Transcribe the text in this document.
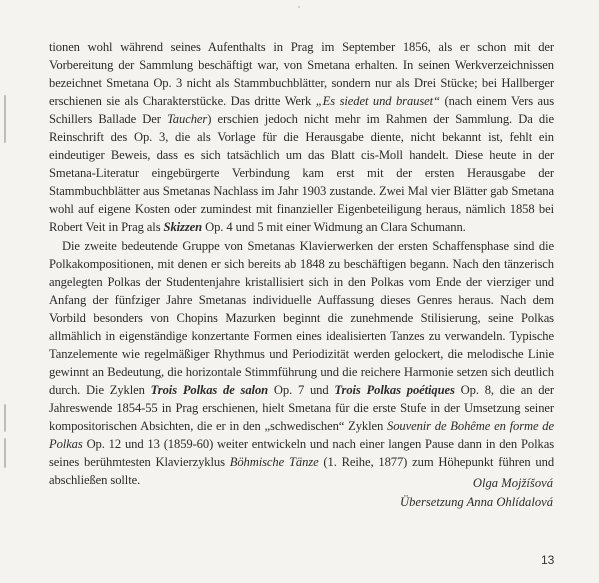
tionen wohl während seines Aufenthalts in Prag im September 1856, als er schon mit der Vorbereitung der Sammlung beschäftigt war, von Smetana erhalten. In seinen Werkverzeichnissen bezeichnet Smetana Op. 3 nicht als Stammbuchblätter, sondern nur als Drei Stücke; bei Hallberger erschienen sie als Charakterstücke. Das dritte Werk „Es siedet und brauset“ (nach einem Vers aus Schillers Ballade Der Taucher) erschien jedoch nicht mehr im Rahmen der Sammlung. Da die Reinschrift des Op. 3, die als Vorlage für die Herausgabe diente, nicht bekannt ist, fehlt ein eindeutiger Beweis, dass es sich tatsächlich um das Blatt cis-Moll handelt. Diese heute in der Smetana-Literatur eingebürgerte Verbindung kam erst mit der ersten Herausgabe der Stammbuchblätter aus Smetanas Nachlass im Jahr 1903 zustande. Zwei Mal vier Blätter gab Smetana wohl auf eigene Kosten oder zumindest mit finanzieller Eigenbeteiligung heraus, nämlich 1858 bei Robert Veit in Prag als Skizzen Op. 4 und 5 mit einer Widmung an Clara Schumann.

Die zweite bedeutende Gruppe von Smetanas Klavierwerken der ersten Schaffensphase sind die Polkakompositionen, mit denen er sich bereits ab 1848 zu beschäftigen begann. Nach den tänzerisch angelegten Polkas der Studentenjahre kristallisiert sich in den Polkas vom Ende der vierziger und Anfang der fünfziger Jahre Smetanas individuelle Auffassung dieses Genres heraus. Nach dem Vorbild besonders von Chopins Mazurken beginnt die zunehmende Stilisierung, seine Polkas allmählich in eigenständige konzertante Formen eines idealisierten Tanzes zu verwandeln. Typische Tanzelemente wie regelmäßiger Rhythmus und Periodizität werden gelockert, die melodische Linie gewinnt an Bedeutung, die horizontale Stimmführung und die reichere Harmonie setzen sich deutlich durch. Die Zyklen Trois Polkas de salon Op. 7 und Trois Polkas poétiques Op. 8, die an der Jahreswende 1854-55 in Prag erschienen, hielt Smetana für die erste Stufe in der Umsetzung seiner kompositorischen Absichten, die er in den „schwedischen“ Zyklen Souvenir de Bohême en forme de Polkas Op. 12 und 13 (1859-60) weiter entwickeln und nach einer langen Pause dann in den Polkas seines berühmtesten Klavierzyklus Böhmische Tänze (1. Reihe, 1877) zum Höhepunkt führen und abschließen sollte.	Olga Mojžíšová
Übersetzung Anna Ohlídalová
13
